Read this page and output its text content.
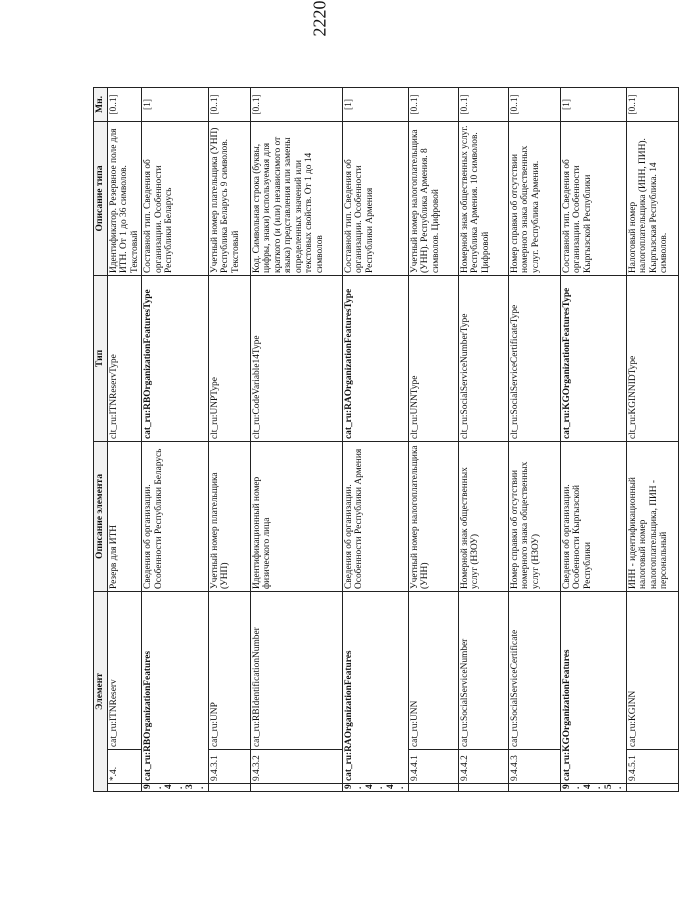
2220
Элемент			Описание элемента	Тип	Описание типа	Мн.
	*.4.	cat_ru:ITNReserv	Резерв для ИТН	clt_ru:ITNReservType	Идентификатор. Резервное поле для ИТН. От 1 до 36 символов. Текстовый	[0..1]
9.4.3.	cat_ru:RBOrganizationFeatures		Сведения об организации. Особенности Республики Беларусь	cat_ru:RBOrganizationFeaturesType	Составной тип. Сведения об организации. Особенности Республики Беларусь	[1]
	9.4.3.1	cat_ru:UNP	Учетный номер плательщика (УНП)	clt_ru:UNPType	Учетный номер плательщика (УНП) Республика Беларусь 9 символов. Текстовый	[0..1]
	9.4.3.2	cat_ru:RBIdentificationNumber	Идентификационный номер физического лица	clt_ru:CodeVariable14Type	Код. Символьная строка (буквы, цифры, знаки) используемая для краткого (и (или) независимого от языка) представления или замены определенных значений или текстовых свойств. От 1 до 14 символов	[0..1]
9.4.4.	cat_ru:RAOrganizationFeatures		Сведения об организации. Особенности Республики Армения	cat_ru:RAOrganizationFeaturesType	Составной тип. Сведения об организации. Особенности Республики Армения	[1]
	9.4.4.1	cat_ru:UNN	Учетный номер налогоплательщика (УНН)	clt_ru:UNNType	Учетный номер налогоплательщика (УНН). Республика Армения. 8 символов. Цифровой	[0..1]
	9.4.4.2	cat_ru:SocialServiceNumber	Номерной знак общественных услуг (НЗОУ)	clt_ru:SocialServiceNumberType	Номерной знак общественных услуг. Республика Армения. 10 символов. Цифровой	[0..1]
	9.4.4.3	cat_ru:SocialServiceCertificate	Номер справки об отсутствии номерного знака общественных услуг (НЗОУ)	clt_ru:SocialServiceCertificateType	Номер справки об отсутствии номерного знака общественных услуг. Республика Армения.	[0..1]
9.4.5.	cat_ru:KGOrganizationFeatures		Сведения об организации. Особенности Кыргызской Республики	cat_ru:KGOrganizationFeaturesType	Составной тип. Сведения об организации. Особенности Кыргызской Республики	[1]
	9.4.5.1	cat_ru:KGINN	ИНН - идентификационный налоговый номер налогоплательщика, ПИН - персональный	clt_ru:KGINNIDType	Налоговый номер налогоплательщика (ИНН, ПИН). Кыргызская Республика. 14 символов.	[0..1]
